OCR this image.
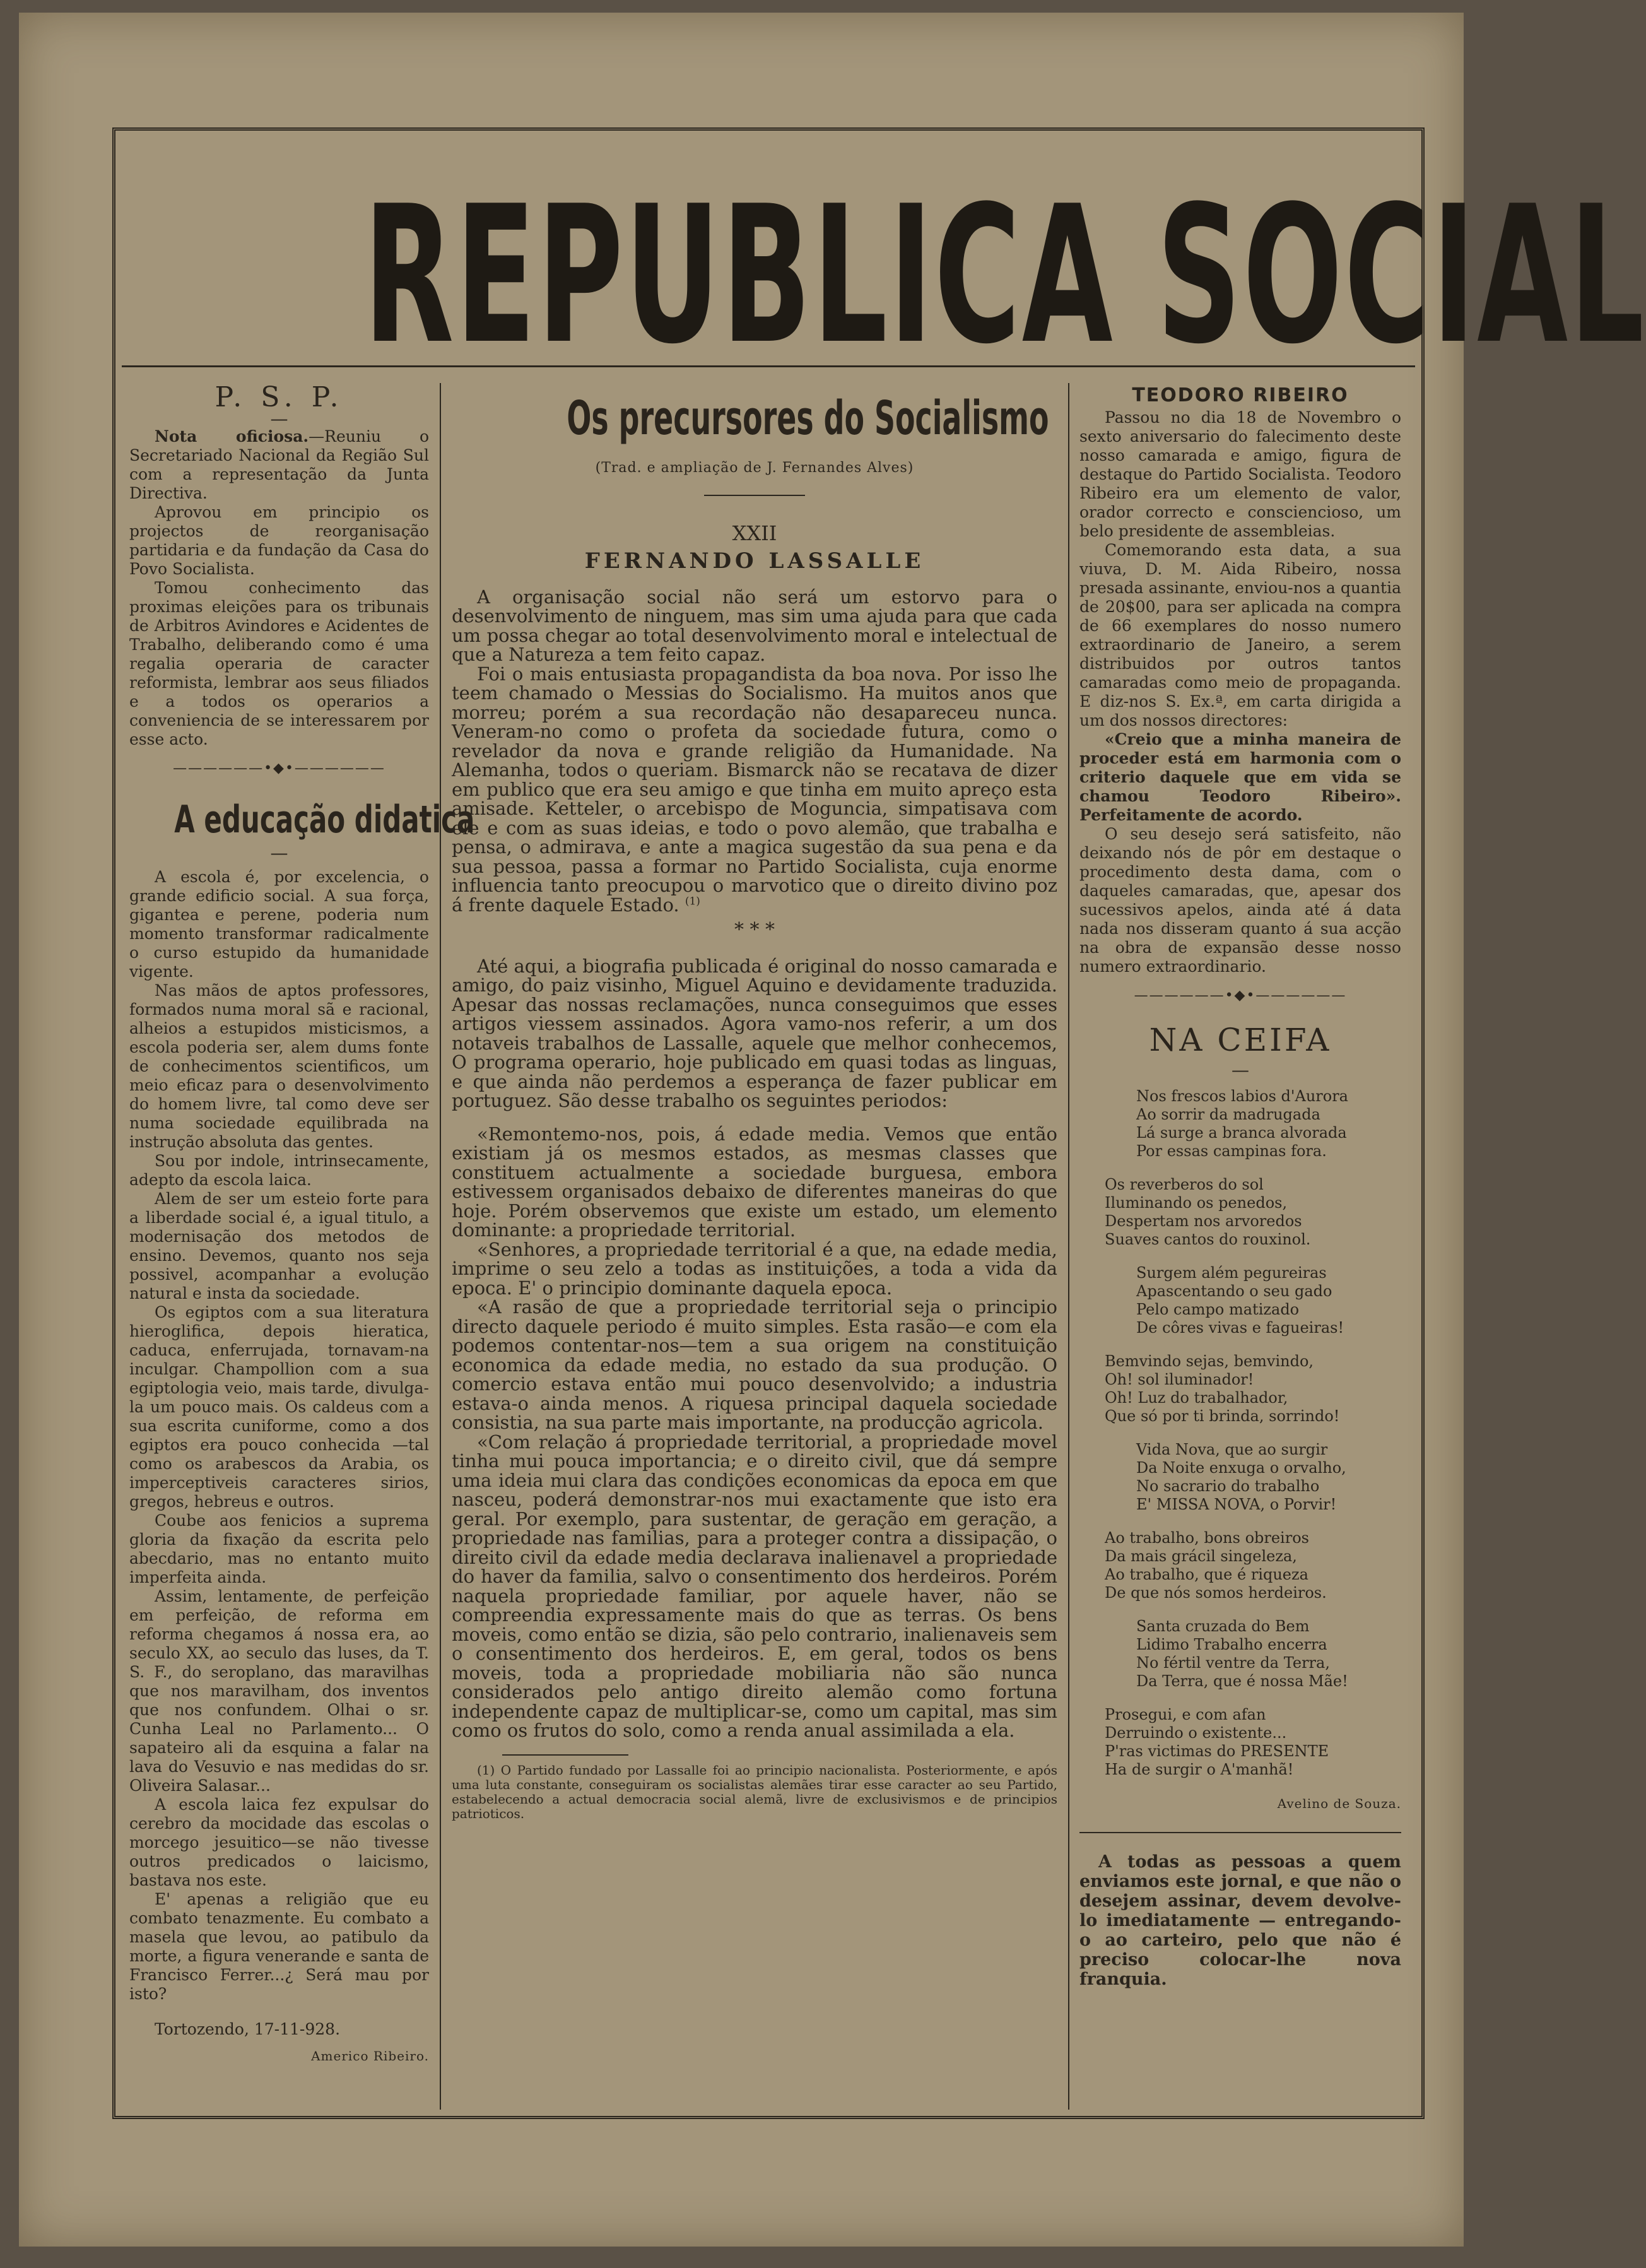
REPUBLICA SOCIAL

P. S. P.

—

Nota oficiosa.—Reuniu o Secretariado Nacional da Região Sul com a representação da Junta Directiva.

Aprovou em principio os projectos de reorganisação partidaria e da fundação da Casa do Povo Socialista.

Tomou conhecimento das proximas eleições para os tribunais de Arbitros Avindores e Acidentes de Trabalho, deliberando como é uma regalia operaria de caracter reformista, lembrar aos seus filiados e a todos os operarios a conveniencia de se interessarem por esse acto.

——————•◆•——————

A educação didatica

—

A escola é, por excelencia, o grande edificio social. A sua força, gigantea e perene, poderia num momento transformar radicalmente o curso estupido da humanidade vigente.

Nas mãos de aptos professores, formados numa moral sã e racional, alheios a estupidos misticismos, a escola poderia ser, alem dums fonte de conhecimentos scientificos, um meio eficaz para o desenvolvimento do homem livre, tal como deve ser numa sociedade equilibrada na instrução absoluta das gentes.

Sou por indole, intrinsecamente, adepto da escola laica.

Alem de ser um esteio forte para a liberdade social é, a igual titulo, a modernisação dos metodos de ensino. Devemos, quanto nos seja possivel, acompanhar a evolução natural e insta da sociedade.

Os egiptos com a sua literatura hieroglifica, depois hieratica, caduca, enferrujada, tornavam-na inculgar. Champollion com a sua egiptologia veio, mais tarde, divulga-la um pouco mais. Os caldeus com a sua escrita cuniforme, como a dos egiptos era pouco conhecida —tal como os arabescos da Arabia, os imperceptiveis caracteres sirios, gregos, hebreus e outros.

Coube aos fenicios a suprema gloria da fixação da escrita pelo abecdario, mas no entanto muito imperfeita ainda.

Assim, lentamente, de perfeição em perfeição, de reforma em reforma chegamos á nossa era, ao seculo XX, ao seculo das luses, da T. S. F., do seroplano, das maravilhas que nos maravilham, dos inventos que nos confundem. Olhai o sr. Cunha Leal no Parlamento... O sapateiro ali da esquina a falar na lava do Vesuvio e nas medidas do sr. Oliveira Salasar...

A escola laica fez expulsar do cerebro da mocidade das escolas o morcego jesuitico—se não tivesse outros predicados o laicismo, bastava nos este.

E' apenas a religião que eu combato tenazmente. Eu combato a masela que levou, ao patibulo da morte, a figura venerande e santa de Francisco Ferrer...¿ Será mau por isto?

Tortozendo, 17-11-928.

Americo Ribeiro.

Os precursores do Socialismo

(Trad. e ampliação de J. Fernandes Alves)

XXII

FERNANDO LASSALLE

A organisação social não será um estorvo para o desenvolvimento de ninguem, mas sim uma ajuda para que cada um possa chegar ao total desenvolvimento moral e intelectual de que a Natureza a tem feito capaz.

Foi o mais entusiasta propagandista da boa nova. Por isso lhe teem chamado o Messias do Socialismo. Ha muitos anos que morreu; porém a sua recordação não desapareceu nunca. Veneram-no como o profeta da sociedade futura, como o revelador da nova e grande religião da Humanidade. Na Alemanha, todos o queriam. Bismarck não se recatava de dizer em publico que era seu amigo e que tinha em muito apreço esta amisade. Ketteler, o arcebispo de Moguncia, simpatisava com ele e com as suas ideias, e todo o povo alemão, que trabalha e pensa, o admirava, e ante a magica sugestão da sua pena e da sua pessoa, passa a formar no Partido Socialista, cuja enorme influencia tanto preocupou o marvotico que o direito divino poz á frente daquele Estado. $^{(1)}$

* * *

Até aqui, a biografia publicada é original do nosso camarada e amigo, do paiz visinho, Miguel Aquino e devidamente traduzida. Apesar das nossas reclamações, nunca conseguimos que esses artigos viessem assinados. Agora vamo-nos referir, a um dos notaveis trabalhos de Lassalle, aquele que melhor conhecemos, O programa operario, hoje publicado em quasi todas as linguas, e que ainda não perdemos a esperança de fazer publicar em portuguez. São desse trabalho os seguintes periodos:

«Remontemo-nos, pois, á edade media. Vemos que então existiam já os mesmos estados, as mesmas classes que constituem actualmente a sociedade burguesa, embora estivessem organisados debaixo de diferentes maneiras do que hoje. Porém observemos que existe um estado, um elemento dominante: a propriedade territorial.

«Senhores, a propriedade territorial é a que, na edade media, imprime o seu zelo a todas as instituições, a toda a vida da epoca. E' o principio dominante daquela epoca.

«A rasão de que a propriedade territorial seja o principio directo daquele periodo é muito simples. Esta rasão—e com ela podemos contentar-nos—tem a sua origem na constituição economica da edade media, no estado da sua produção. O comercio estava então mui pouco desenvolvido; a industria estava-o ainda menos. A riquesa principal daquela sociedade consistia, na sua parte mais importante, na producção agricola.

«Com relação á propriedade territorial, a propriedade movel tinha mui pouca importancia; e o direito civil, que dá sempre uma ideia mui clara das condições economicas da epoca em que nasceu, poderá demonstrar-nos mui exactamente que isto era geral. Por exemplo, para sustentar, de geração em geração, a propriedade nas familias, para a proteger contra a dissipação, o direito civil da edade media declarava inalienavel a propriedade do haver da familia, salvo o consentimento dos herdeiros. Porém naquela propriedade familiar, por aquele haver, não se compreendia expressamente mais do que as terras. Os bens moveis, como então se dizia, são pelo contrario, inalienaveis sem o consentimento dos herdeiros. E, em geral, todos os bens moveis, toda a propriedade mobiliaria não são nunca considerados pelo antigo direito alemão como fortuna independente capaz de multiplicar-se, como um capital, mas sim como os frutos do solo, como a renda anual assimilada a ela.

(1) O Partido fundado por Lassalle foi ao principio nacionalista. Posteriormente, e após uma luta constante, conseguiram os socialistas alemães tirar esse caracter ao seu Partido, estabelecendo a actual democracia social alemã, livre de exclusivismos e de principios patrioticos.

TEODORO RIBEIRO

Passou no dia 18 de Novembro o sexto aniversario do falecimento deste nosso camarada e amigo, figura de destaque do Partido Socialista. Teodoro Ribeiro era um elemento de valor, orador correcto e consciencioso, um belo presidente de assembleias.

Comemorando esta data, a sua viuva, D. M. Aida Ribeiro, nossa presada assinante, enviou-nos a quantia de 20$00, para ser aplicada na compra de 66 exemplares do nosso numero extraordinario de Janeiro, a serem distribuidos por outros tantos camaradas como meio de propaganda. E diz-nos S. Ex.ª, em carta dirigida a um dos nossos directores:

«Creio que a minha maneira de proceder está em harmonia com o criterio daquele que em vida se chamou Teodoro Ribeiro». Perfeitamente de acordo.

O seu desejo será satisfeito, não deixando nós de pôr em destaque o procedimento desta dama, com o daqueles camaradas, que, apesar dos sucessivos apelos, ainda até á data nada nos disseram quanto á sua acção na obra de expansão desse nosso numero extraordinario.

——————•◆•——————

NA CEIFA

—

Nos frescos labios d'Aurora
Ao sorrir da madrugada
Lá surge a branca alvorada
Por essas campinas fora.
Os reverberos do sol
Iluminando os penedos,
Despertam nos arvoredos
Suaves cantos do rouxinol.
Surgem além pegureiras
Apascentando o seu gado
Pelo campo matizado
De côres vivas e fagueiras!
Bemvindo sejas, bemvindo,
Oh! sol iluminador!
Oh! Luz do trabalhador,
Que só por ti brinda, sorrindo!
Vida Nova, que ao surgir
Da Noite enxuga o orvalho,
No sacrario do trabalho
E' MISSA NOVA, o Porvir!
Ao trabalho, bons obreiros
Da mais grácil singeleza,
Ao trabalho, que é riqueza
De que nós somos herdeiros.
Santa cruzada do Bem
Lidimo Trabalho encerra
No fértil ventre da Terra,
Da Terra, que é nossa Mãe!
Prosegui, e com afan
Derruindo o existente...
P'ras victimas do PRESENTE
Ha de surgir o A'manhã!

Avelino de Souza.

A todas as pessoas a quem enviamos este jornal, e que não o desejem assinar, devem devolve-lo imediatamente — entregando-o ao carteiro, pelo que não é preciso colocar-lhe nova franquia.
